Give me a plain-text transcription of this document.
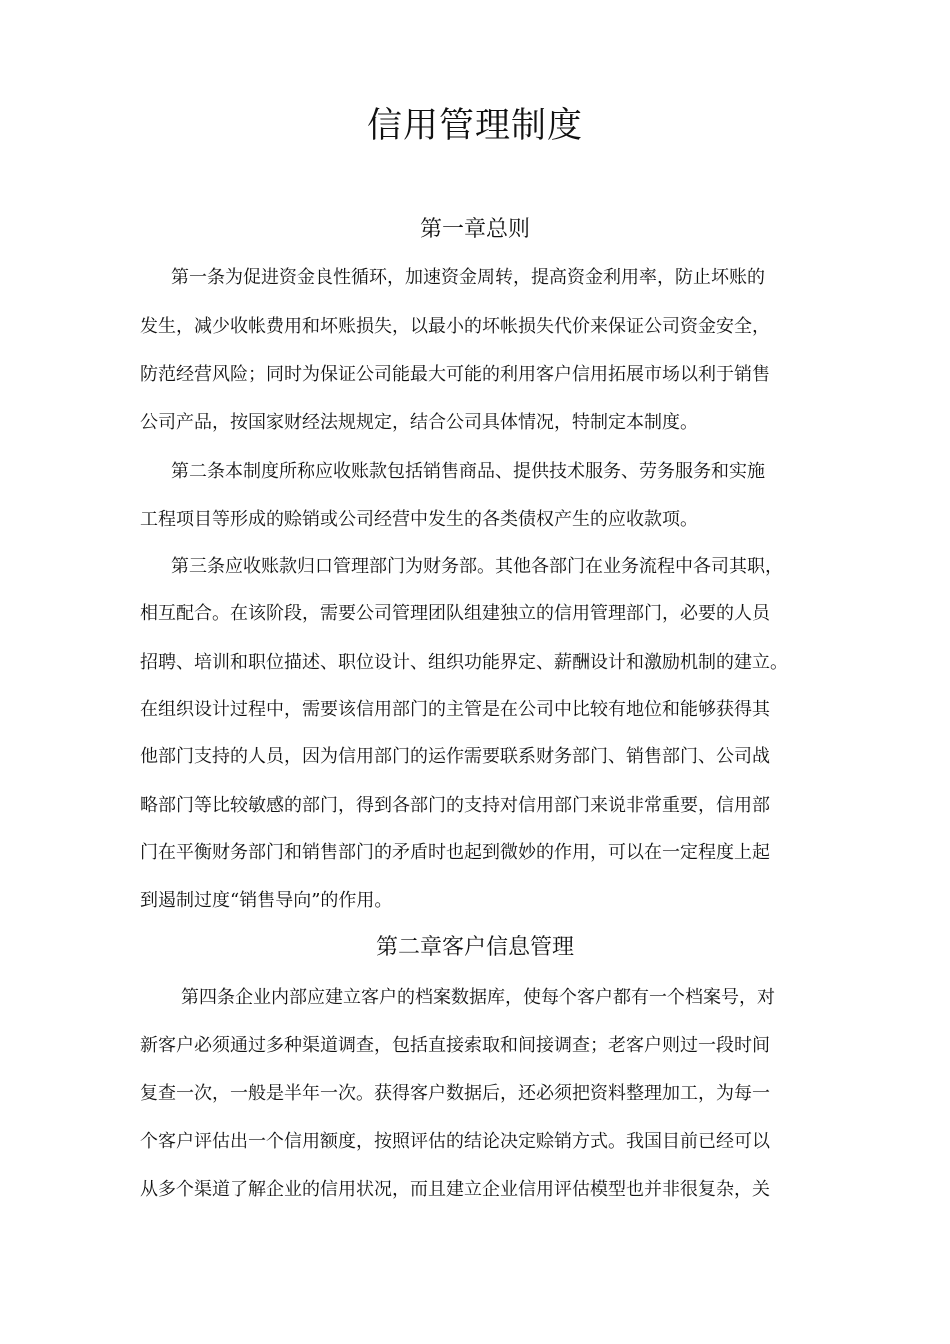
信用管理制度
第一章总则
第一条为促进资金良性循环，加速资金周转，提高资金利用率，防止坏账的
发生，减少收帐费用和坏账损失，以最小的坏帐损失代价来保证公司资金安全，
防范经营风险；同时为保证公司能最大可能的利用客户信用拓展市场以利于销售
公司产品，按国家财经法规规定，结合公司具体情况，特制定本制度。
第二条本制度所称应收账款包括销售商品、提供技术服务、劳务服务和实施
工程项目等形成的赊销或公司经营中发生的各类债权产生的应收款项。
第三条应收账款归口管理部门为财务部。其他各部门在业务流程中各司其职，
相互配合。在该阶段，需要公司管理团队组建独立的信用管理部门，必要的人员
招聘、培训和职位描述、职位设计、组织功能界定、薪酬设计和激励机制的建立。
在组织设计过程中，需要该信用部门的主管是在公司中比较有地位和能够获得其
他部门支持的人员，因为信用部门的运作需要联系财务部门、销售部门、公司战
略部门等比较敏感的部门，得到各部门的支持对信用部门来说非常重要，信用部
门在平衡财务部门和销售部门的矛盾时也起到微妙的作用，可以在一定程度上起
到遏制过度“销售导向”的作用。
第二章客户信息管理
第四条企业内部应建立客户的档案数据库，使每个客户都有一个档案号，对
新客户必须通过多种渠道调查，包括直接索取和间接调查；老客户则过一段时间
复查一次，一般是半年一次。获得客户数据后，还必须把资料整理加工，为每一
个客户评估出一个信用额度，按照评估的结论决定赊销方式。我国目前已经可以
从多个渠道了解企业的信用状况，而且建立企业信用评估模型也并非很复杂，关
